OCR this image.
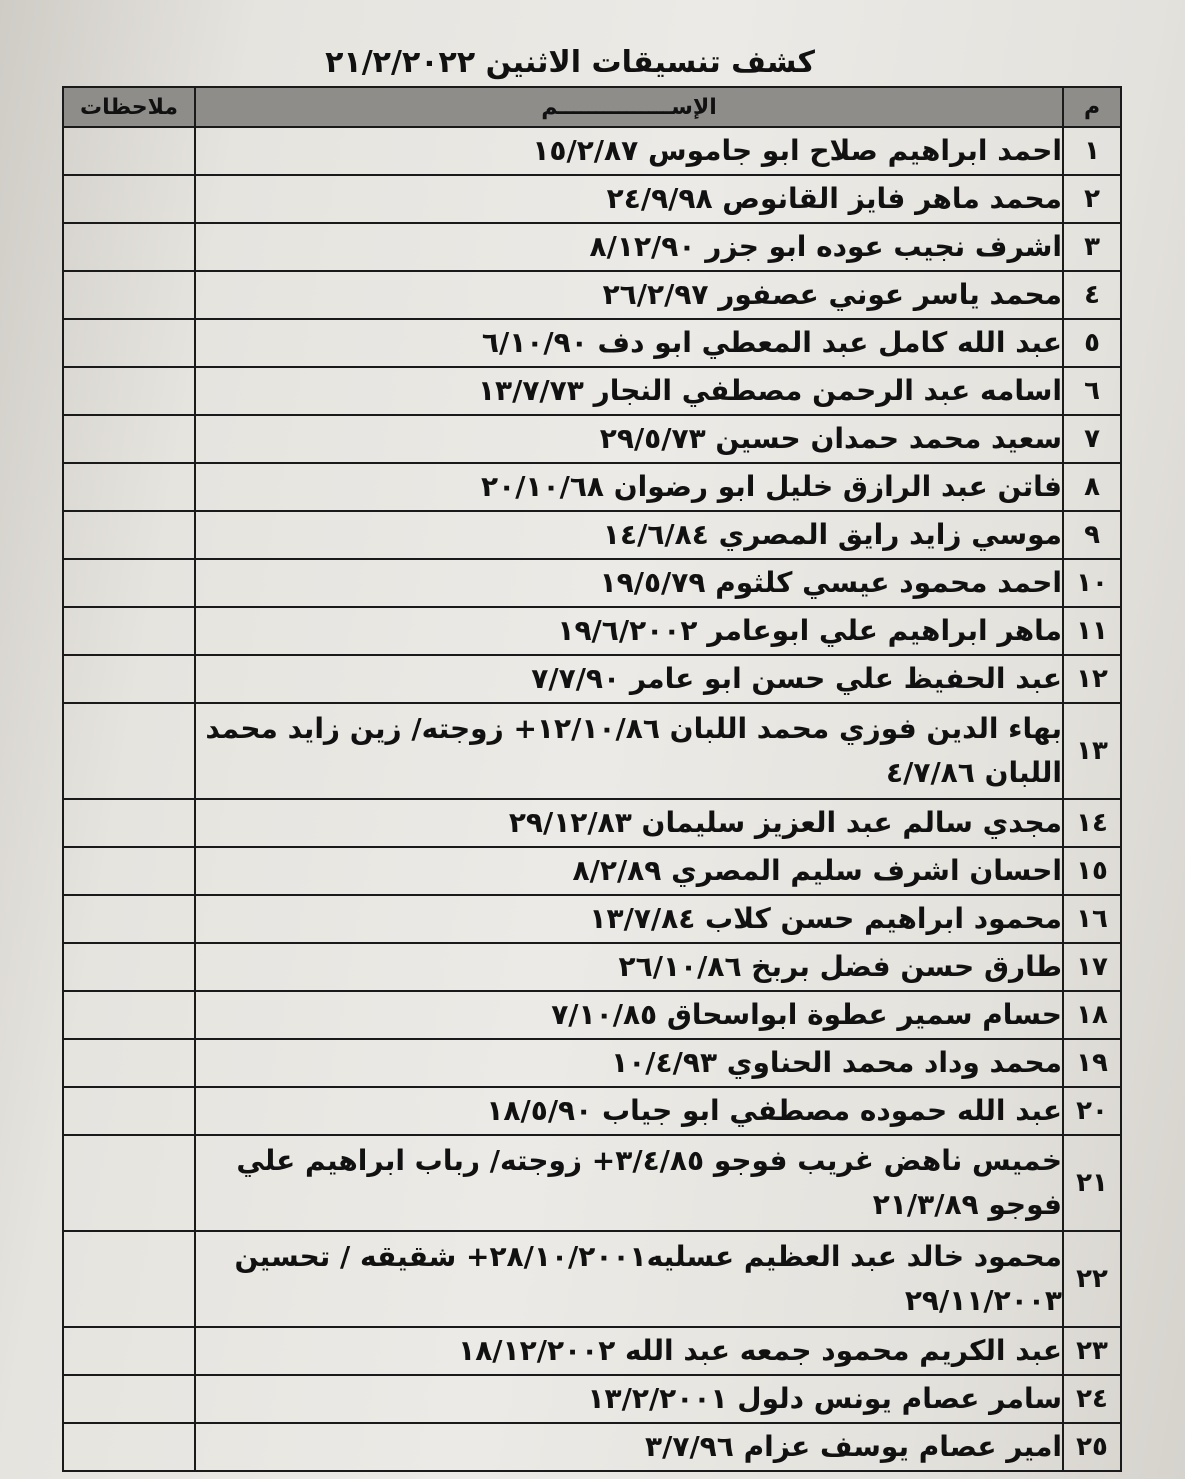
كشف تنسيقات الاثنين ٢١/٢/٢٠٢٢
م	الإســـــــــــــــم	ملاحظات
١	احمد ابراهيم صلاح ابو جاموس ١٥/٢/٨٧	
٢	محمد ماهر فايز القانوص ٢٤/٩/٩٨	
٣	اشرف نجيب عوده ابو جزر ٨/١٢/٩٠	
٤	محمد ياسر عوني عصفور ٢٦/٢/٩٧	
٥	عبد الله كامل عبد المعطي ابو دف ٦/١٠/٩٠	
٦	اسامه عبد الرحمن مصطفي النجار ١٣/٧/٧٣	
٧	سعيد محمد حمدان حسين ٢٩/٥/٧٣	
٨	فاتن عبد الرازق خليل ابو رضوان ٢٠/١٠/٦٨	
٩	موسي زايد رايق المصري ١٤/٦/٨٤	
١٠	احمد محمود عيسي كلثوم ١٩/٥/٧٩	
١١	ماهر ابراهيم علي ابوعامر ١٩/٦/٢٠٠٢	
١٢	عبد الحفيظ علي حسن ابو عامر ٧/٧/٩٠	
١٣	بهاء الدين فوزي محمد اللبان ١٢/١٠/٨٦+ زوجته/ زين زايد محمد اللبان ٤/٧/٨٦	
١٤	مجدي سالم عبد العزيز سليمان ٢٩/١٢/٨٣	
١٥	احسان اشرف سليم المصري ٨/٢/٨٩	
١٦	محمود ابراهيم حسن كلاب ١٣/٧/٨٤	
١٧	طارق حسن فضل بربخ ٢٦/١٠/٨٦	
١٨	حسام سمير عطوة ابواسحاق ٧/١٠/٨٥	
١٩	محمد وداد محمد الحناوي ١٠/٤/٩٣	
٢٠	عبد الله حموده مصطفي ابو جياب ١٨/٥/٩٠	
٢١	خميس ناهض غريب فوجو ٣/٤/٨٥+ زوجته/ رباب ابراهيم علي فوجو ٢١/٣/٨٩	
٢٢	محمود خالد عبد العظيم عسليه٢٨/١٠/٢٠٠١+ شقيقه / تحسين ٢٩/١١/٢٠٠٣	
٢٣	عبد الكريم محمود جمعه عبد الله ١٨/١٢/٢٠٠٢	
٢٤	سامر عصام يونس دلول ١٣/٢/٢٠٠١	
٢٥	امير عصام يوسف عزام ٣/٧/٩٦	
